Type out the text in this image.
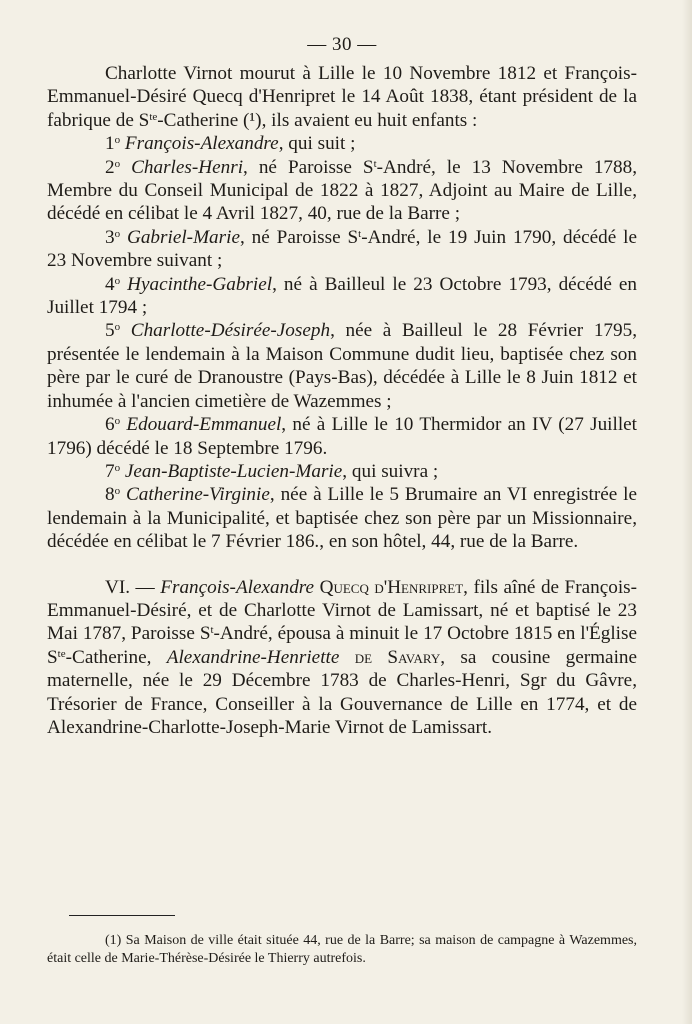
— 30 —

Charlotte Virnot mourut à Lille le 10 Novembre 1812 et François-Emmanuel-Désiré Quecq d'Henripret le 14 Août 1838, étant président de la fabrique de $S^{te}$-Catherine (¹), ils avaient eu huit enfants :

1$^o$ François-Alexandre, qui suit ;

2$^o$ Charles-Henri, né Paroisse $S^t$-André, le 13 Novembre 1788, Membre du Conseil Municipal de 1822 à 1827, Adjoint au Maire de Lille, décédé en célibat le 4 Avril 1827, 40, rue de la Barre ;

3$^o$ Gabriel-Marie, né Paroisse $S^t$-André, le 19 Juin 1790, décédé le 23 Novembre suivant ;

4$^o$ Hyacinthe-Gabriel, né à Bailleul le 23 Octobre 1793, décédé en Juillet 1794 ;

5$^o$ Charlotte-Désirée-Joseph, née à Bailleul le 28 Février 1795, présentée le lendemain à la Maison Commune dudit lieu, baptisée chez son père par le curé de Dranoustre (Pays-Bas), décédée à Lille le 8 Juin 1812 et inhumée à l'ancien cimetière de Wazemmes ;

6$^o$ Edouard-Emmanuel, né à Lille le 10 Thermidor an IV (27 Juillet 1796) décédé le 18 Septembre 1796.

7$^o$ Jean-Baptiste-Lucien-Marie, qui suivra ;

8$^o$ Catherine-Virginie, née à Lille le 5 Brumaire an VI enregistrée le lendemain à la Municipalité, et baptisée chez son père par un Missionnaire, décédée en célibat le 7 Février 186., en son hôtel, 44, rue de la Barre.

VI. — François-Alexandre Quecq d'Henripret, fils aîné de François-Emmanuel-Désiré, et de Charlotte Virnot de Lamissart, né et baptisé le 23 Mai 1787, Paroisse $S^t$-André, épousa à minuit le 17 Octobre 1815 en l'Église $S^{te}$-Catherine, Alexandrine-Henriette de Savary, sa cousine germaine maternelle, née le 29 Décembre 1783 de Charles-Henri, Sgr du Gâvre, Trésorier de France, Conseiller à la Gouvernance de Lille en 1774, et de Alexandrine-Charlotte-Joseph-Marie Virnot de Lamissart.

(1) Sa Maison de ville était située 44, rue de la Barre; sa maison de campagne à Wazemmes, était celle de Marie-Thérèse-Désirée le Thierry autrefois.
